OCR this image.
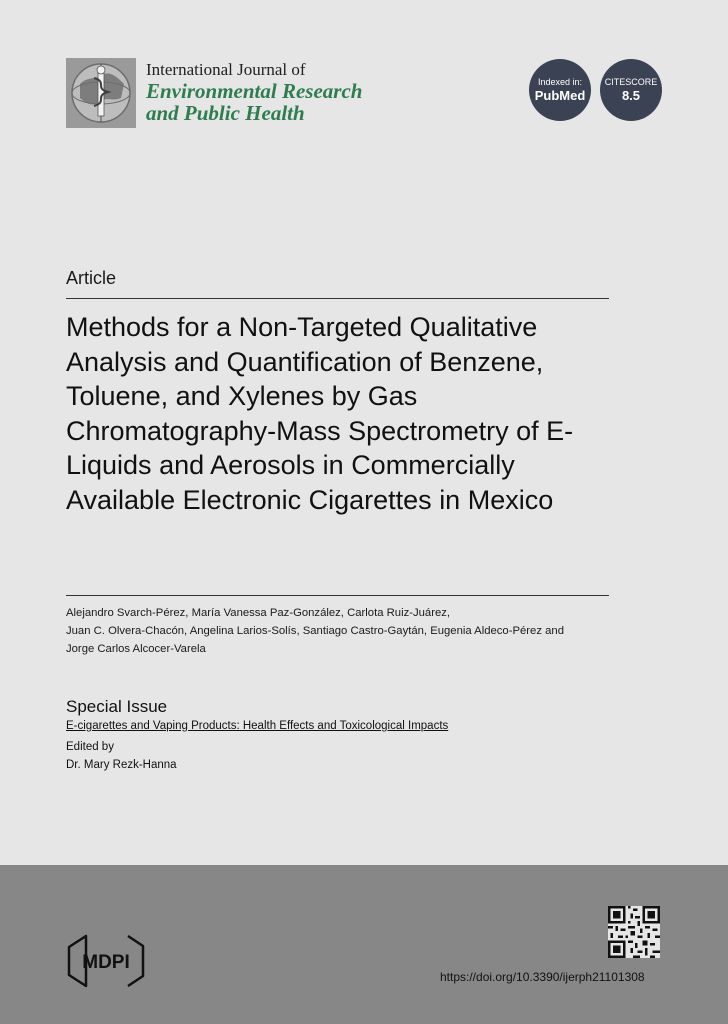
International Journal of
Environmental Research
and Public Health
Indexed in:
PubMed
CITESCORE
8.5
Article
Methods for a Non-Targeted Qualitative Analysis and Quantification of Benzene, Toluene, and Xylenes by Gas Chromatography-Mass Spectrometry of E-Liquids and Aerosols in Commercially Available Electronic Cigarettes in Mexico
Alejandro Svarch-Pérez, María Vanessa Paz-González, Carlota Ruiz-Juárez,
Juan C. Olvera-Chacón, Angelina Larios-Solís, Santiago Castro-Gaytán, Eugenia Aldeco-Pérez and
Jorge Carlos Alcocer-Varela
Special Issue
E-cigarettes and Vaping Products: Health Effects and Toxicological Impacts
Edited by
Dr. Mary Rezk-Hanna
MDPI
https://doi.org/10.3390/ijerph21101308
